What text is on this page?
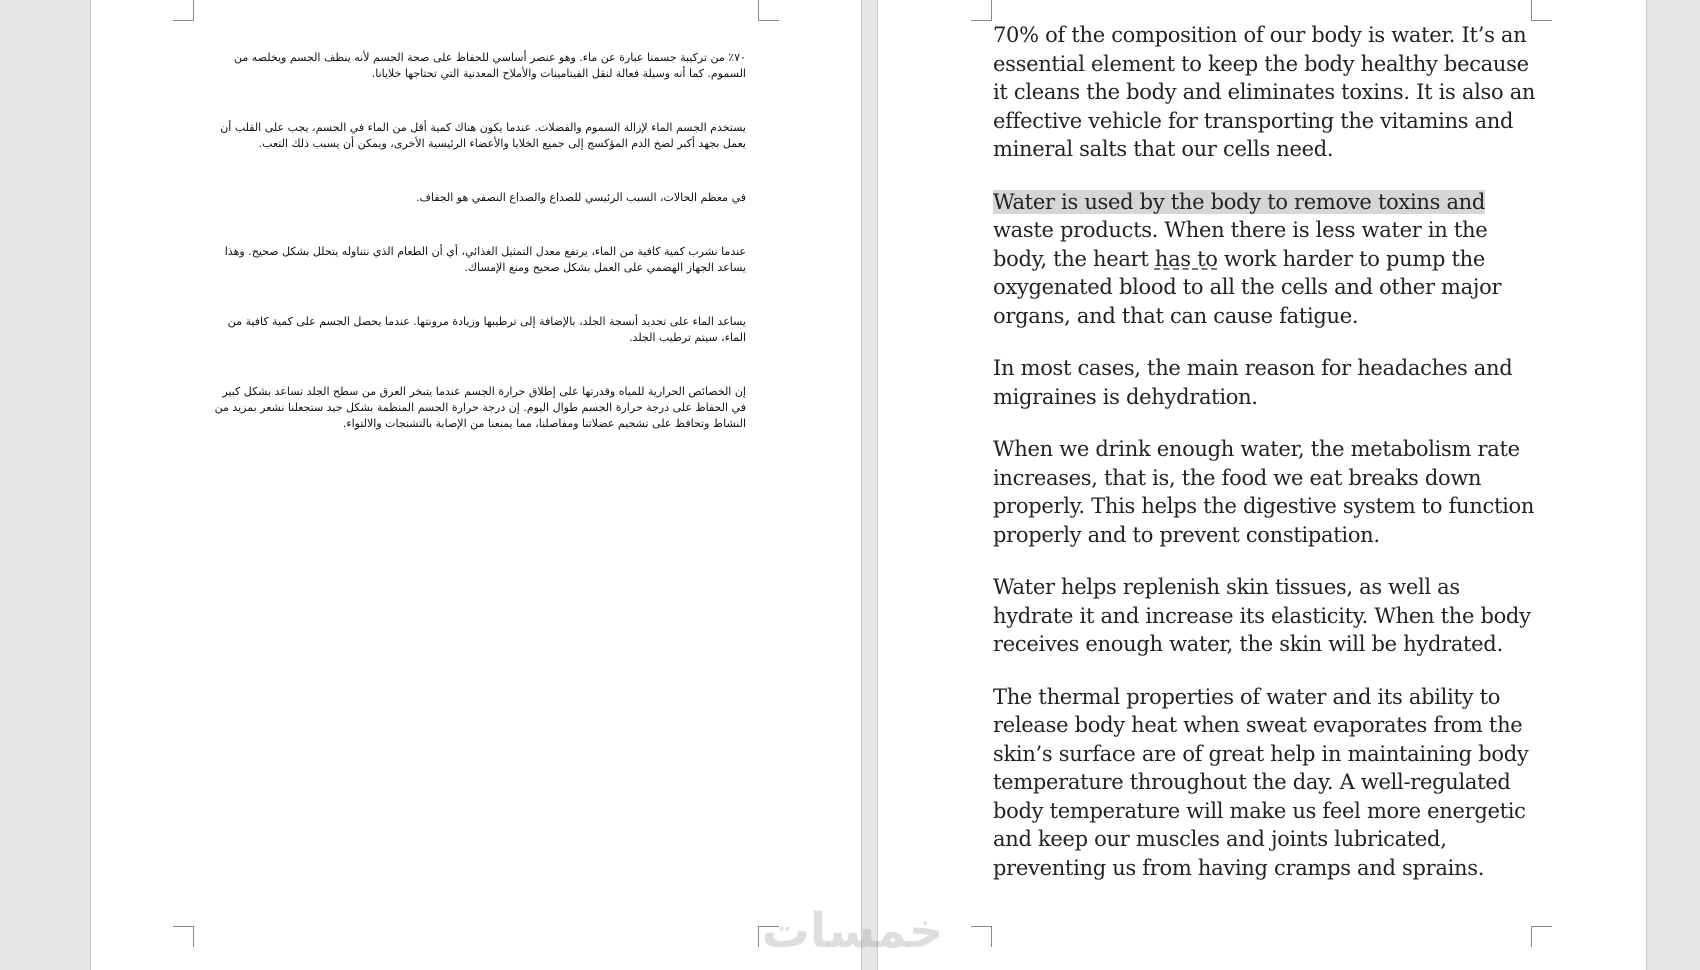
٧٠٪ من تركيبة جسمنا عبارة عن ماء. وهو عنصر أساسي للحفاظ على صحة الجسم لأنه ينظف الجسم ويخلصه من السموم. كما أنه وسيلة فعالة لنقل الفيتامينات والأملاح المعدنية التي تحتاجها خلايانا.

يستخدم الجسم الماء لإزالة السموم والفضلات. عندما يكون هناك كمية أقل من الماء في الجسم، يجب على القلب أن يعمل بجهد أكبر لضخ الدم المؤكسج إلى جميع الخلايا والأعضاء الرئيسية الأخرى، ويمكن أن يسبب ذلك التعب.

في معظم الحالات، السبب الرئيسي للصداع والصداع النصفي هو الجفاف.

عندما نشرب كمية كافية من الماء، يرتفع معدل التمثيل الغذائي، أي أن الطعام الذي نتناوله يتحلل بشكل صحيح. وهذا يساعد الجهاز الهضمي على العمل بشكل صحيح ومنع الإمساك.

يساعد الماء على تجديد أنسجة الجلد، بالإضافة إلى ترطيبها وزيادة مرونتها. عندما يحصل الجسم على كمية كافية من الماء، سيتم ترطيب الجلد.

إن الخصائص الحرارية للمياه وقدرتها على إطلاق حرارة الجسم عندما يتبخر العرق من سطح الجلد تساعد بشكل كبير في الحفاظ على درجة حرارة الجسم طوال اليوم. إن درجة حرارة الجسم المنظمة بشكل جيد ستجعلنا نشعر بمزيد من النشاط وتحافظ على تشحيم عضلاتنا ومفاصلنا، مما يمنعنا من الإصابة بالتشنجات والالتواء.

70% of the composition of our body is water. It’s an essential element to keep the body healthy because it cleans the body and eliminates toxins. It is also an effective vehicle for transporting the vitamins and mineral salts that our cells need.

Water is used by the body to remove toxins and waste products. When there is less water in the body, the heart has to work harder to pump the oxygenated blood to all the cells and other major organs, and that can cause fatigue.

In most cases, the main reason for headaches and migraines is dehydration.

When we drink enough water, the metabolism rate increases, that is, the food we eat breaks down properly. This helps the digestive system to function properly and to prevent constipation.

Water helps replenish skin tissues, as well as hydrate it and increase its elasticity. When the body receives enough water, the skin will be hydrated.

The thermal properties of water and its ability to release body heat when sweat evaporates from the skin’s surface are of great help in maintaining body temperature throughout the day. A well-regulated body temperature will make us feel more energetic and keep our muscles and joints lubricated, preventing us from having cramps and sprains.

خمسات
